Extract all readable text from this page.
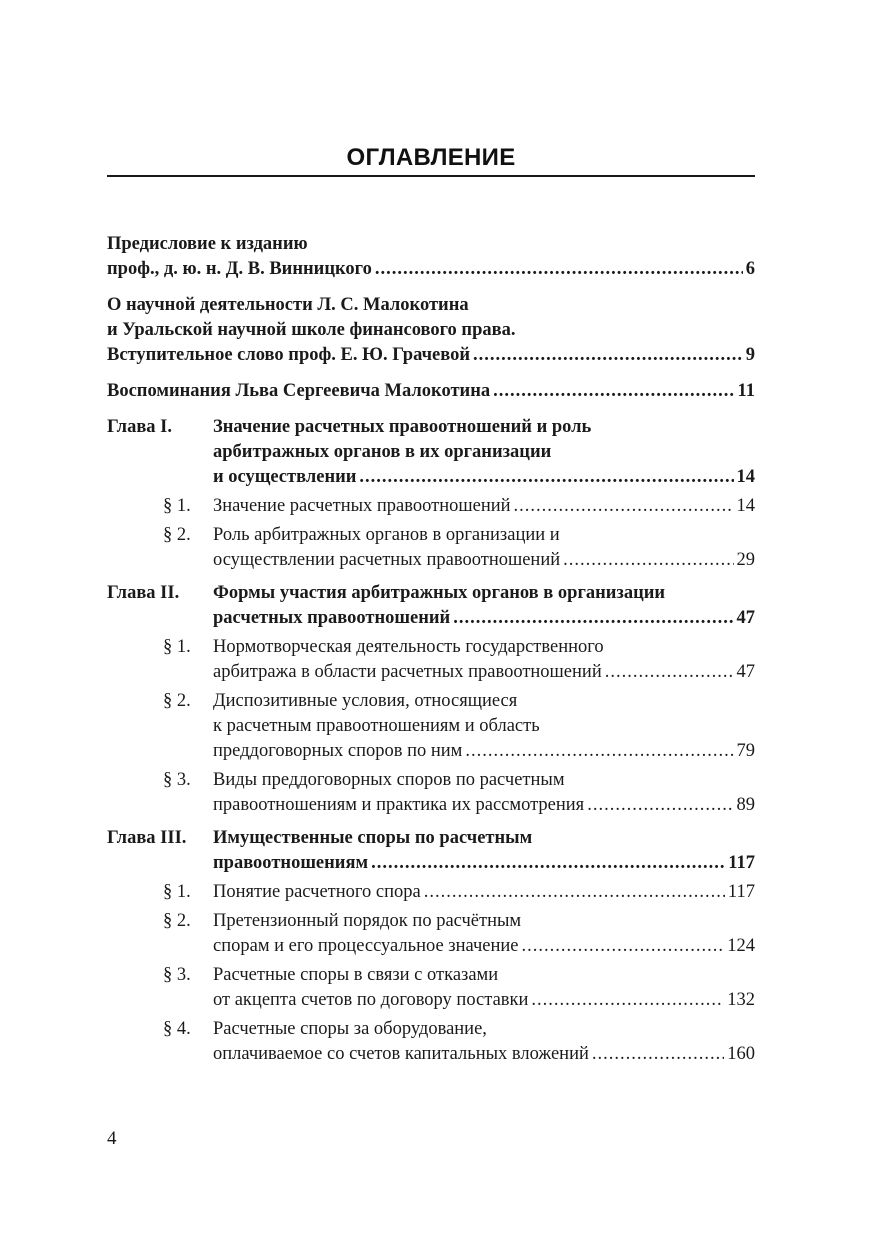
ОГЛАВЛЕНИЕ
Предисловие к изданию
проф., д. ю. н. Д. В. Винницкого .....	6
О научной деятельности Л. С. Малокотина
и Уральской научной школе финансового права.
Вступительное слово проф. Е. Ю. Грачевой .....	9
Воспоминания Льва Сергеевича Малокотина .....	11
Глава I.	Значение расчетных правоотношений и роль
арбитражных органов в их организации
и осуществлении .....	14
§ 1.	Значение расчетных правоотношений .....	14
§ 2.	Роль арбитражных органов в организации и
осуществлении расчетных правоотношений .....	29
Глава II.	Формы участия арбитражных органов в организации
расчетных правоотношений .....	47
§ 1.	Нормотворческая деятельность государственного
арбитража в области расчетных правоотношений .....	47
§ 2.	Диспозитивные условия, относящиеся
к расчетным правоотношениям и область
преддоговорных споров по ним .....	79
§ 3.	Виды преддоговорных споров по расчетным
правоотношениям и практика их рассмотрения .....	89
Глава III.	Имущественные споры по расчетным
правоотношениям .....	117
§ 1.	Понятие расчетного спора .....	117
§ 2.	Претензионный порядок по расчётным
спорам и его процессуальное значение .....	124
§ 3.	Расчетные споры в связи с отказами
от акцепта счетов по договору поставки .....	132
§ 4.	Расчетные споры за оборудование,
оплачиваемое со счетов капитальных вложений .....	160
4
